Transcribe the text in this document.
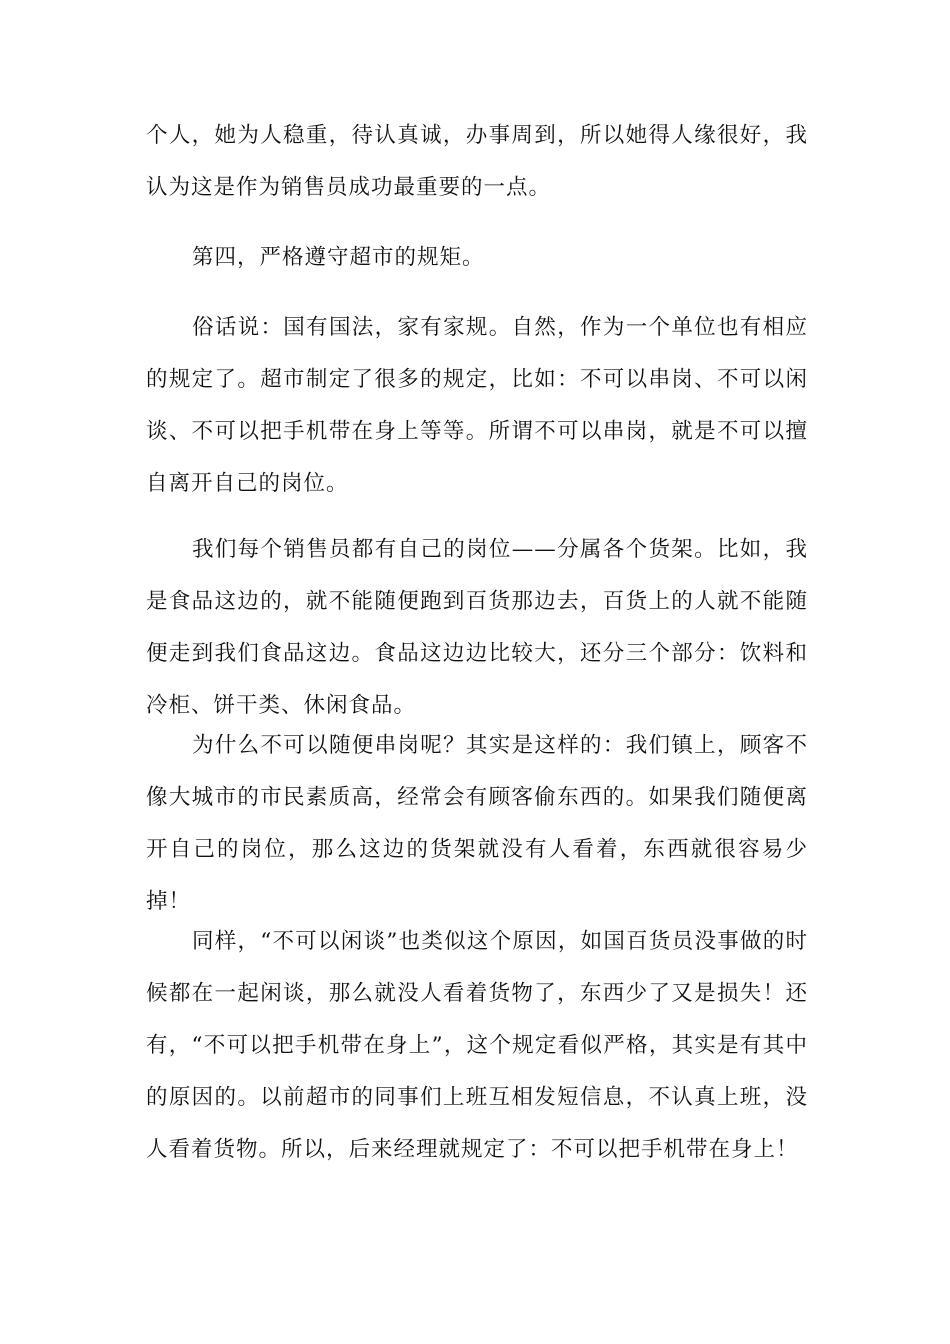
个人，她为人稳重，待认真诚，办事周到，所以她得人缘很好，我认为这是作为销售员成功最重要的一点。

第四，严格遵守超市的规矩。

俗话说：国有国法，家有家规。自然，作为一个单位也有相应的规定了。超市制定了很多的规定，比如：不可以串岗、不可以闲谈、不可以把手机带在身上等等。所谓不可以串岗，就是不可以擅自离开自己的岗位。

我们每个销售员都有自己的岗位——分属各个货架。比如，我是食品这边的，就不能随便跑到百货那边去，百货上的人就不能随便走到我们食品这边。食品这边边比较大，还分三个部分：饮料和冷柜、饼干类、休闲食品。

为什么不可以随便串岗呢？其实是这样的：我们镇上，顾客不像大城市的市民素质高，经常会有顾客偷东西的。如果我们随便离开自己的岗位，那么这边的货架就没有人看着，东西就很容易少掉！

同样，“不可以闲谈”也类似这个原因，如国百货员没事做的时候都在一起闲谈，那么就没人看着货物了，东西少了又是损失！还有，“不可以把手机带在身上”，这个规定看似严格，其实是有其中的原因的。以前超市的同事们上班互相发短信息，不认真上班，没人看着货物。所以，后来经理就规定了：不可以把手机带在身上！
